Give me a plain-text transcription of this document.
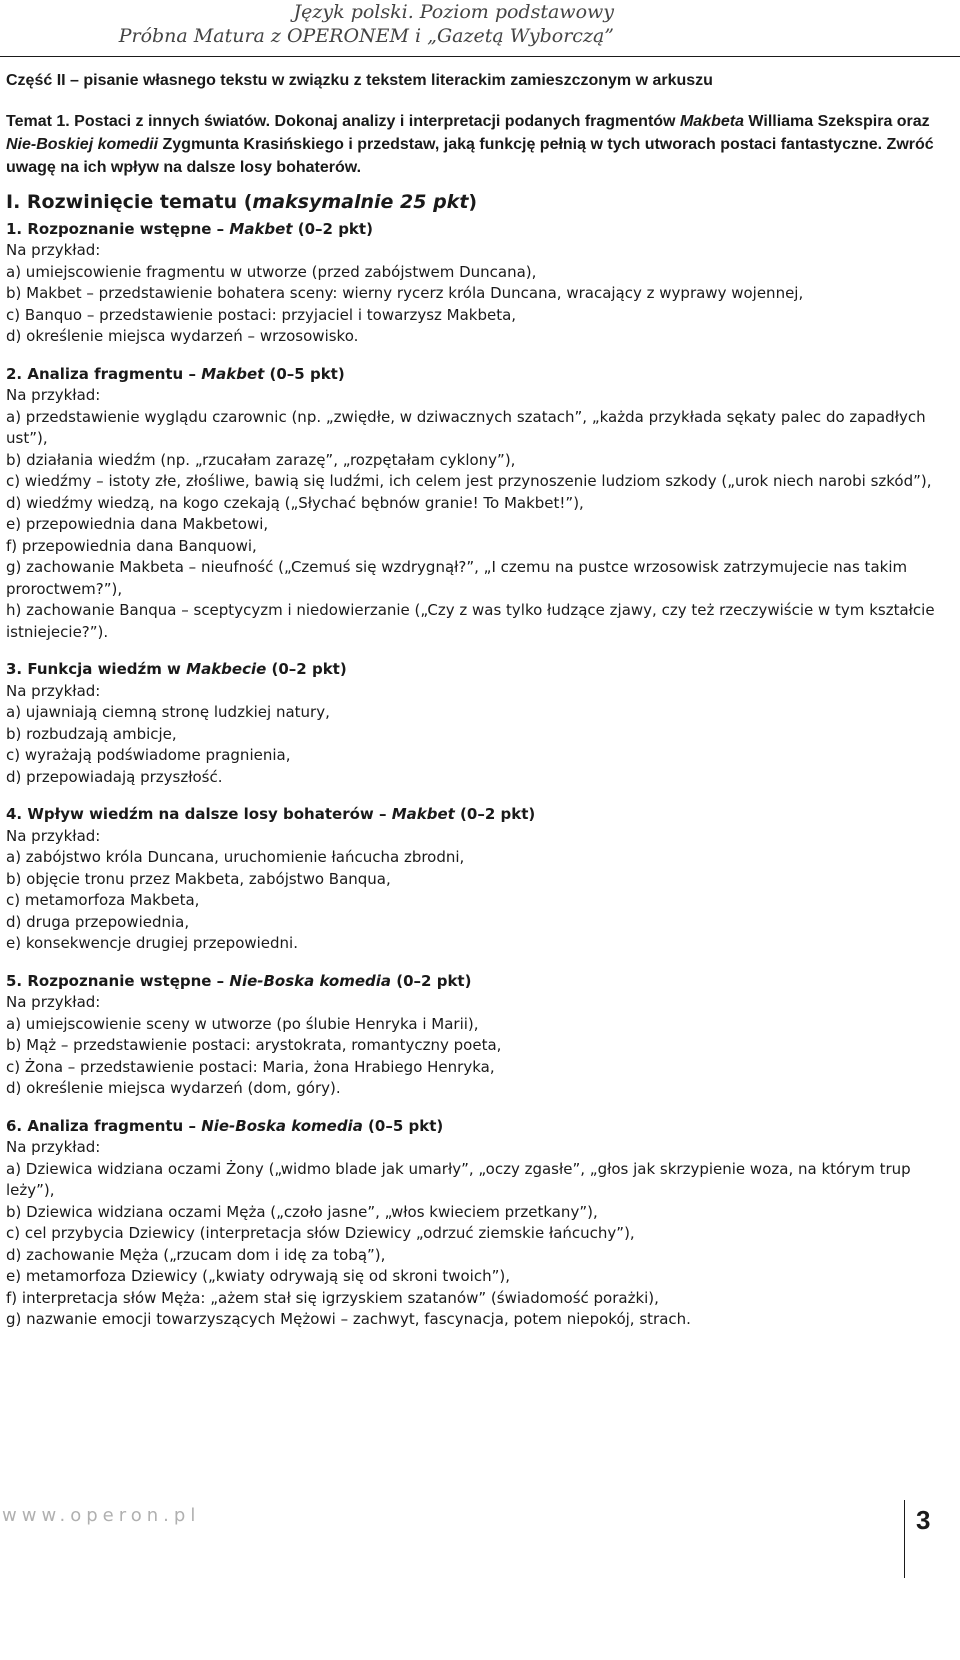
Język polski. Poziom podstawowy
Próbna Matura z OPERONEM i „Gazetą Wyborczą”
Część II – pisanie własnego tekstu w związku z tekstem literackim zamieszczonym w arkuszu
Temat 1. Postaci z innych światów. Dokonaj analizy i interpretacji podanych fragmentów Makbeta Williama Szekspira oraz Nie-Boskiej komedii Zygmunta Krasińskiego i przedstaw, jaką funkcję pełnią w tych utworach postaci fantastyczne. Zwróć uwagę na ich wpływ na dalsze losy bohaterów.
I. Rozwinięcie tematu (maksymalnie 25 pkt)
1. Rozpoznanie wstępne – Makbet (0–2 pkt)
Na przykład:
a) umiejscowienie fragmentu w utworze (przed zabójstwem Duncana),
b) Makbet – przedstawienie bohatera sceny: wierny rycerz króla Duncana, wracający z wyprawy wojennej,
c) Banquo – przedstawienie postaci: przyjaciel i towarzysz Makbeta,
d) określenie miejsca wydarzeń – wrzosowisko.
2. Analiza fragmentu – Makbet (0–5 pkt)
Na przykład:
a) przedstawienie wyglądu czarownic (np. „zwiędłe, w dziwacznych szatach”, „każda przykłada sękaty palec do zapadłych ust”),
b) działania wiedźm (np. „rzucałam zarazę”, „rozpętałam cyklony”),
c) wiedźmy – istoty złe, złośliwe, bawią się ludźmi, ich celem jest przynoszenie ludziom szkody („urok niech narobi szkód”),
d) wiedźmy wiedzą, na kogo czekają („Słychać bębnów granie! To Makbet!”),
e) przepowiednia dana Makbetowi,
f) przepowiednia dana Banquowi,
g) zachowanie Makbeta – nieufność („Czemuś się wzdrygnął?”, „I czemu na pustce wrzosowisk zatrzymujecie nas takim proroctwem?”),
h) zachowanie Banqua – sceptycyzm i niedowierzanie („Czy z was tylko łudzące zjawy, czy też rzeczywiście w tym kształcie istniejecie?”).
3. Funkcja wiedźm w Makbecie (0–2 pkt)
Na przykład:
a) ujawniają ciemną stronę ludzkiej natury,
b) rozbudzają ambicje,
c) wyrażają podświadome pragnienia,
d) przepowiadają przyszłość.
4. Wpływ wiedźm na dalsze losy bohaterów – Makbet (0–2 pkt)
Na przykład:
a) zabójstwo króla Duncana, uruchomienie łańcucha zbrodni,
b) objęcie tronu przez Makbeta, zabójstwo Banqua,
c) metamorfoza Makbeta,
d) druga przepowiednia,
e) konsekwencje drugiej przepowiedni.
5. Rozpoznanie wstępne – Nie-Boska komedia (0–2 pkt)
Na przykład:
a) umiejscowienie sceny w utworze (po ślubie Henryka i Marii),
b) Mąż – przedstawienie postaci: arystokrata, romantyczny poeta,
c) Żona – przedstawienie postaci: Maria, żona Hrabiego Henryka,
d) określenie miejsca wydarzeń (dom, góry).
6. Analiza fragmentu – Nie-Boska komedia (0–5 pkt)
Na przykład:
a) Dziewica widziana oczami Żony („widmo blade jak umarły”, „oczy zgasłe”, „głos jak skrzypienie woza, na którym trup leży”),
b) Dziewica widziana oczami Męża („czoło jasne”, „włos kwieciem przetkany”),
c) cel przybycia Dziewicy (interpretacja słów Dziewicy „odrzuć ziemskie łańcuchy”),
d) zachowanie Męża („rzucam dom i idę za tobą”),
e) metamorfoza Dziewicy („kwiaty odrywają się od skroni twoich”),
f) interpretacja słów Męża: „ażem stał się igrzyskiem szatanów” (świadomość porażki),
g) nazwanie emocji towarzyszących Mężowi – zachwyt, fascynacja, potem niepokój, strach.
www.operon.pl	3
